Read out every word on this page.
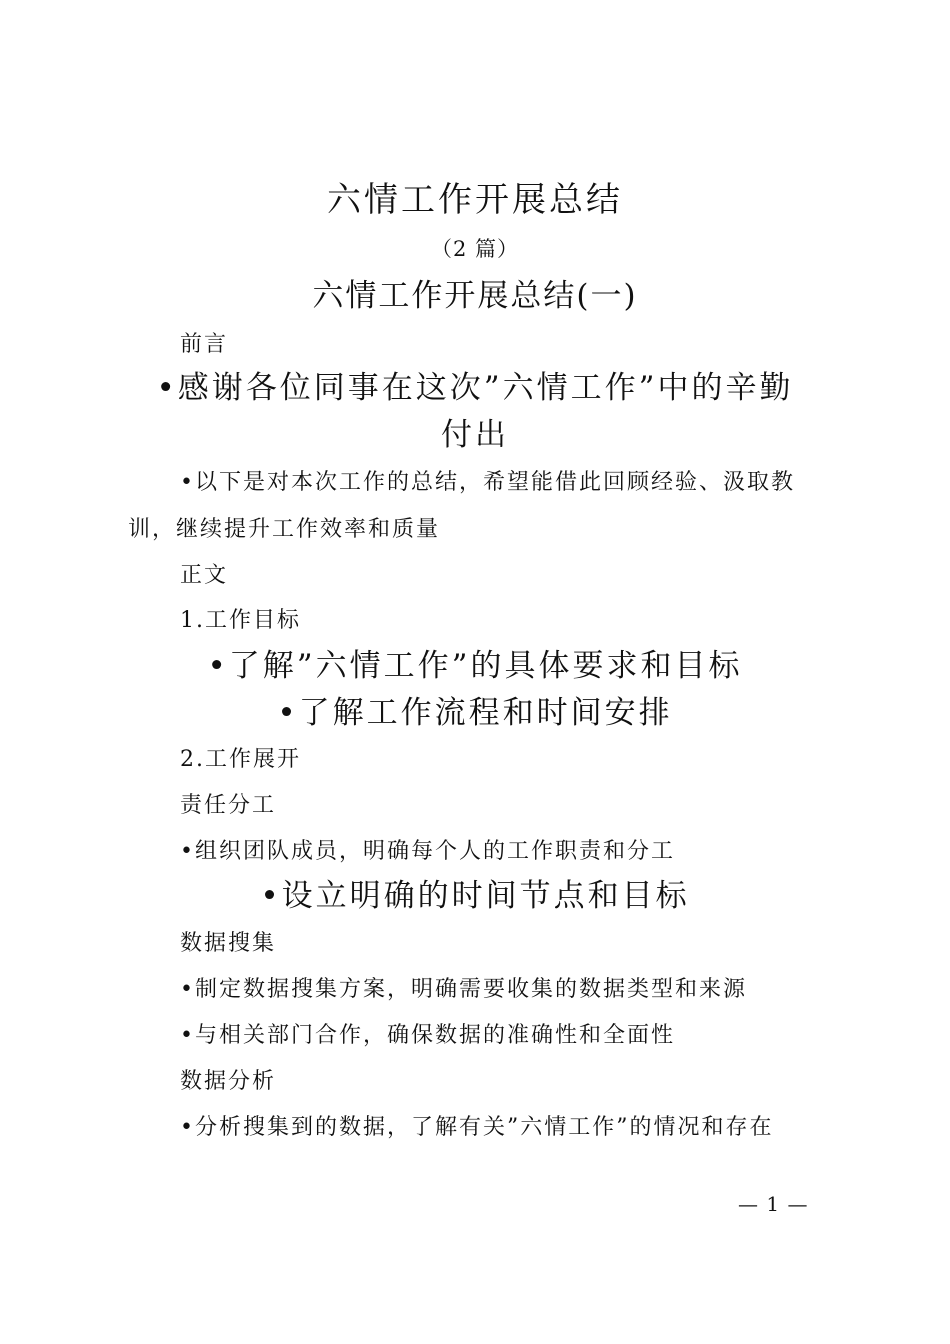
六情工作开展总结
（2 篇）
六情工作开展总结(一)
前言
•感谢各位同事在这次”六情工作”中的辛勤
付出
•以下是对本次工作的总结，希望能借此回顾经验、汲取教
训，继续提升工作效率和质量
正文
1.工作目标
•了解”六情工作”的具体要求和目标
•了解工作流程和时间安排
2.工作展开
责任分工
•组织团队成员，明确每个人的工作职责和分工
•设立明确的时间节点和目标
数据搜集
•制定数据搜集方案，明确需要收集的数据类型和来源
•与相关部门合作，确保数据的准确性和全面性
数据分析
•分析搜集到的数据，了解有关”六情工作”的情况和存在
— 1 —
